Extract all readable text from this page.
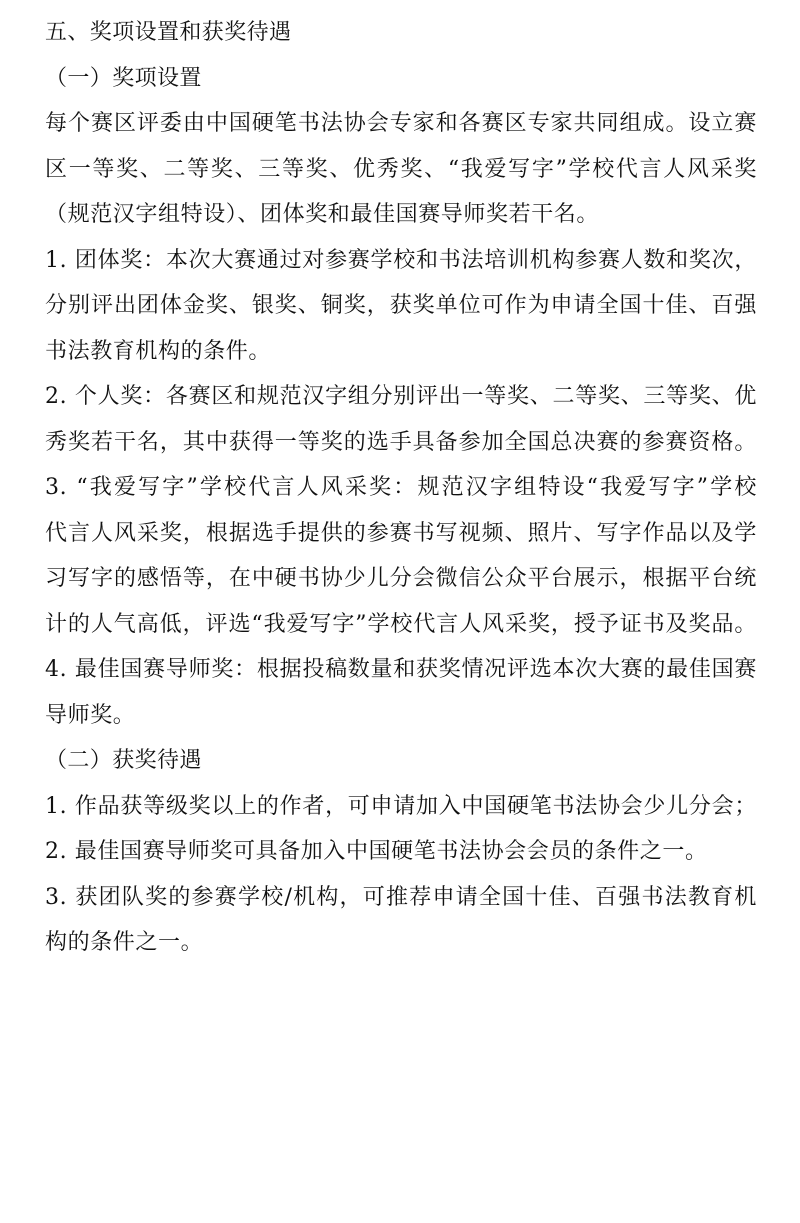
五、奖项设置和获奖待遇
（一）奖项设置
每个赛区评委由中国硬笔书法协会专家和各赛区专家共同组成。设立赛
区一等奖、二等奖、三等奖、优秀奖、“我爱写字”学校代言人风采奖
（规范汉字组特设）、团体奖和最佳国赛导师奖若干名。
1. 团体奖：本次大赛通过对参赛学校和书法培训机构参赛人数和奖次，
分别评出团体金奖、银奖、铜奖，获奖单位可作为申请全国十佳、百强
书法教育机构的条件。
2. 个人奖：各赛区和规范汉字组分别评出一等奖、二等奖、三等奖、优
秀奖若干名，其中获得一等奖的选手具备参加全国总决赛的参赛资格。
3. “我爱写字”学校代言人风采奖：规范汉字组特设“我爱写字”学校
代言人风采奖，根据选手提供的参赛书写视频、照片、写字作品以及学
习写字的感悟等，在中硬书协少儿分会微信公众平台展示，根据平台统
计的人气高低，评选“我爱写字”学校代言人风采奖，授予证书及奖品。
4. 最佳国赛导师奖：根据投稿数量和获奖情况评选本次大赛的最佳国赛
导师奖。
（二）获奖待遇
1. 作品获等级奖以上的作者，可申请加入中国硬笔书法协会少儿分会；
2. 最佳国赛导师奖可具备加入中国硬笔书法协会会员的条件之一。
3. 获团队奖的参赛学校/机构，可推荐申请全国十佳、百强书法教育机
构的条件之一。
